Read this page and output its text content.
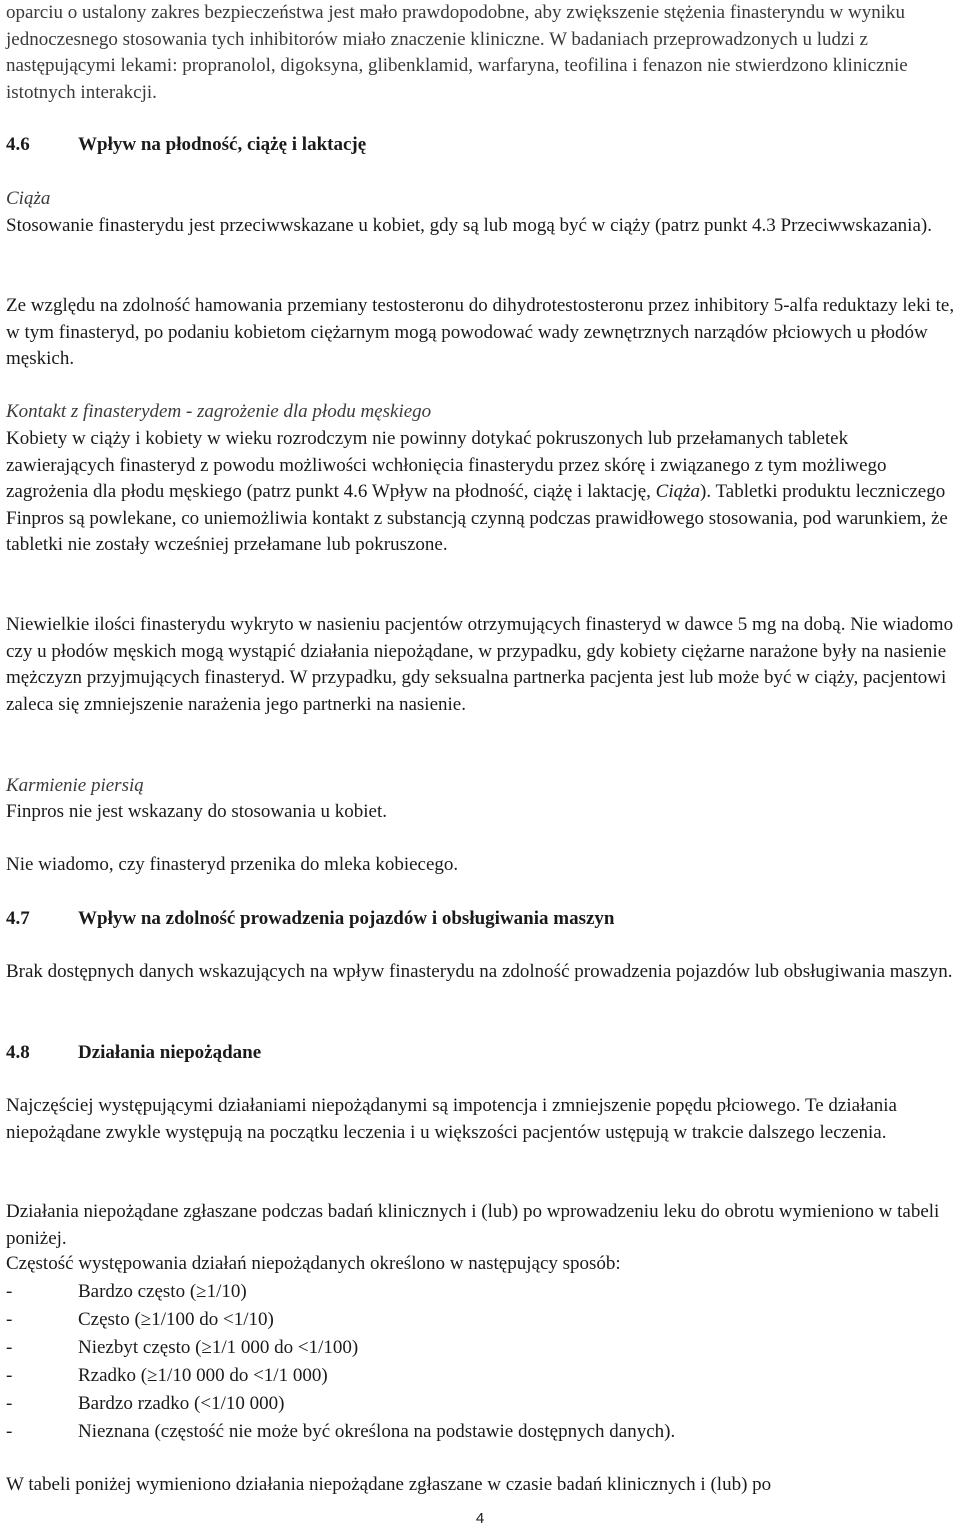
oparciu o ustalony zakres bezpieczeństwa jest mało prawdopodobne, aby zwiększenie stężenia finasteryndu w wyniku jednoczesnego stosowania tych inhibitorów miało znaczenie kliniczne. W badaniach przeprowadzonych u ludzi z następującymi lekami: propranolol, digoksyna, glibenklamid, warfaryna, teofilina i fenazon nie stwierdzono klinicznie istotnych interakcji.

4.6	Wpływ na płodność, ciążę i laktację
Ciąża

Stosowanie finasterydu jest przeciwwskazane u kobiet, gdy są lub mogą być w ciąży (patrz punkt 4.3 Przeciwwskazania).

Ze względu na zdolność hamowania przemiany testosteronu do dihydrotestosteronu przez inhibitory 5-alfa reduktazy leki te, w tym finasteryd, po podaniu kobietom ciężarnym mogą powodować wady zewnętrznych narządów płciowych u płodów męskich.

Kontakt z finasterydem - zagrożenie dla płodu męskiego

Kobiety w ciąży i kobiety w wieku rozrodczym nie powinny dotykać pokruszonych lub przełamanych tabletek zawierających finasteryd z powodu możliwości wchłonięcia finasterydu przez skórę i związanego z tym możliwego zagrożenia dla płodu męskiego (patrz punkt 4.6 Wpływ na płodność, ciążę i laktację, Ciąża). Tabletki produktu leczniczego Finpros są powlekane, co uniemożliwia kontakt z substancją czynną podczas prawidłowego stosowania, pod warunkiem, że tabletki nie zostały wcześniej przełamane lub pokruszone.

Niewielkie ilości finasterydu wykryto w nasieniu pacjentów otrzymujących finasteryd w dawce 5 mg na dobą. Nie wiadomo czy u płodów męskich mogą wystąpić działania niepożądane, w przypadku, gdy kobiety ciężarne narażone były na nasienie mężczyzn przyjmujących finasteryd. W przypadku, gdy seksualna partnerka pacjenta jest lub może być w ciąży, pacjentowi zaleca się zmniejszenie narażenia jego partnerki na nasienie.

Karmienie piersią

Finpros nie jest wskazany do stosowania u kobiet.

Nie wiadomo, czy finasteryd przenika do mleka kobiecego.

4.7	Wpływ na zdolność prowadzenia pojazdów i obsługiwania maszyn

Brak dostępnych danych wskazujących na wpływ finasterydu na zdolność prowadzenia pojazdów lub obsługiwania maszyn.

4.8	Działania niepożądane

Najczęściej występującymi działaniami niepożądanymi są impotencja i zmniejszenie popędu płciowego. Te działania niepożądane zwykle występują na początku leczenia i u większości pacjentów ustępują w trakcie dalszego leczenia.

Działania niepożądane zgłaszane podczas badań klinicznych i (lub) po wprowadzeniu leku do obrotu wymieniono w tabeli poniżej.

Częstość występowania działań niepożądanych określono w następujący sposób:

-	Bardzo często (≥1/10)
-	Często (≥1/100 do <1/10)
-	Niezbyt często (≥1/1 000 do <1/100)
-	Rzadko (≥1/10 000 do <1/1 000)
-	Bardzo rzadko (<1/10 000)
-	Nieznana (częstość nie może być określona na podstawie dostępnych danych).

W tabeli poniżej wymieniono działania niepożądane zgłaszane w czasie badań klinicznych i (lub) po

4
